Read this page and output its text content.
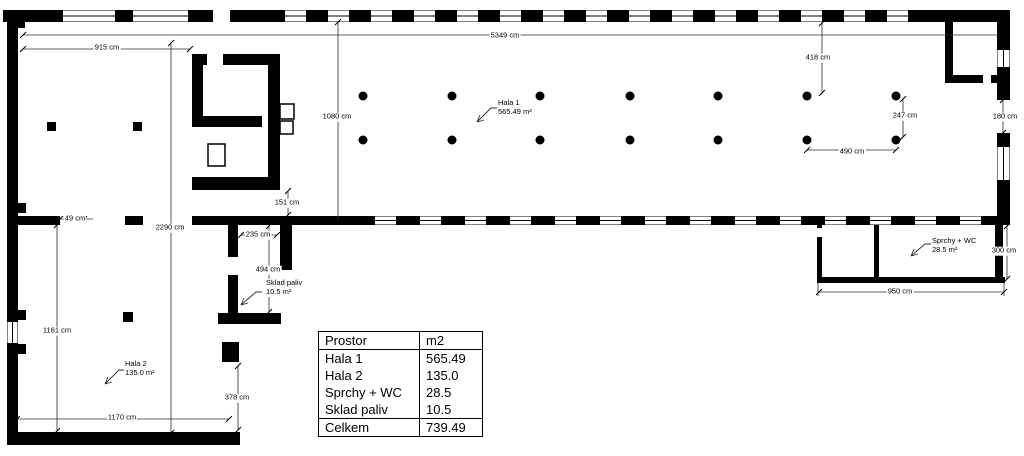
915 cm
5349 cm
418 cm
1080 cm	247 cm
490 cm
180 cm
151 cm
2290 cm
49 cm
235 cm
494 cm
1161 cm
378 cm
1170 cm
950 cm
300 cm
Hala 1
565.49 m²
Hala 2
135.0 m²
Sprchy + WC
28.5 m²
Sklad paliv
10.5 m²
Prostor	m2
Hala 1	565.49
Hala 2	135.0
Sprchy + WC	28.5
Sklad paliv	10.5
Celkem	739.49
